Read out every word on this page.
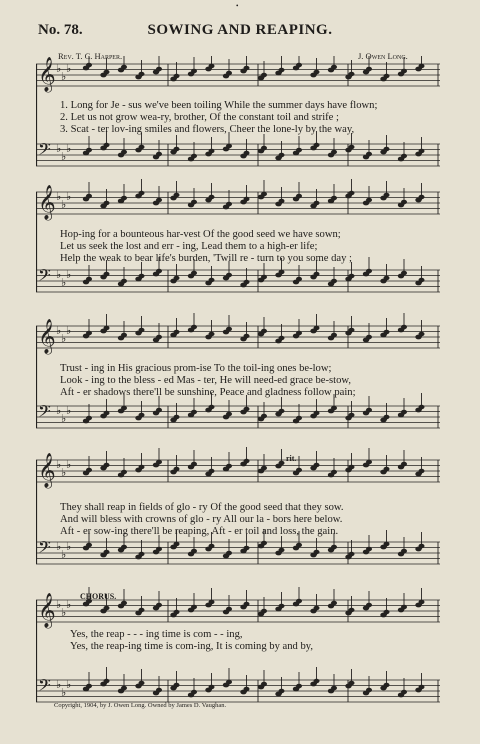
•
No. 78.	SOWING AND REAPING.
Rev. T. C. Harper.	J. Owen Long.
𝄞 ♭
♭
♭
𝄢 ♭
♭
♭
𝄞 ♭
♭
♭
𝄢 ♭
♭
♭
𝄞 ♭
♭
♭
𝄢 ♭
♭
♭
𝄞 ♭
♭
♭
𝄢 ♭
♭
♭
𝄞 ♭
♭
♭
𝄢 ♭
♭
♭
rit.
CHORUS.
1. Long for Je - sus we've been toiling While the summer days have flown;
2. Let us not grow wea-ry, brother, Of the constant toil and strife ;
3. Scat - ter lov-ing smiles and flowers, Cheer the lone-ly by the way,
Hop-ing for a bounteous har-vest Of the good seed we have sown;
Let us seek the lost and err - ing, Lead them to a high-er life;
Help the weak to bear life's burden, 'Twill re - turn to you some day ;
Trust - ing in His gracious prom-ise To the toil-ing ones be-low;
Look - ing to the bless - ed Mas - ter, He will need-ed grace be-stow,
Aft - er shadows there'll be sunshine, Peace and gladness follow pain;
They shall reap in fields of glo - ry Of the good seed that they sow.
And will bless with crowns of glo - ry All our la - bors here below.
Aft - er sow-ing there'll be reaping, Aft - er toil and loss, the gain.
Yes, the reap - - - ing time is com - - ing,
Yes, the reap-ing time is com-ing, It is coming by and by,
Copyright, 1904, by J. Owen Long. Owned by James D. Vaughan.
